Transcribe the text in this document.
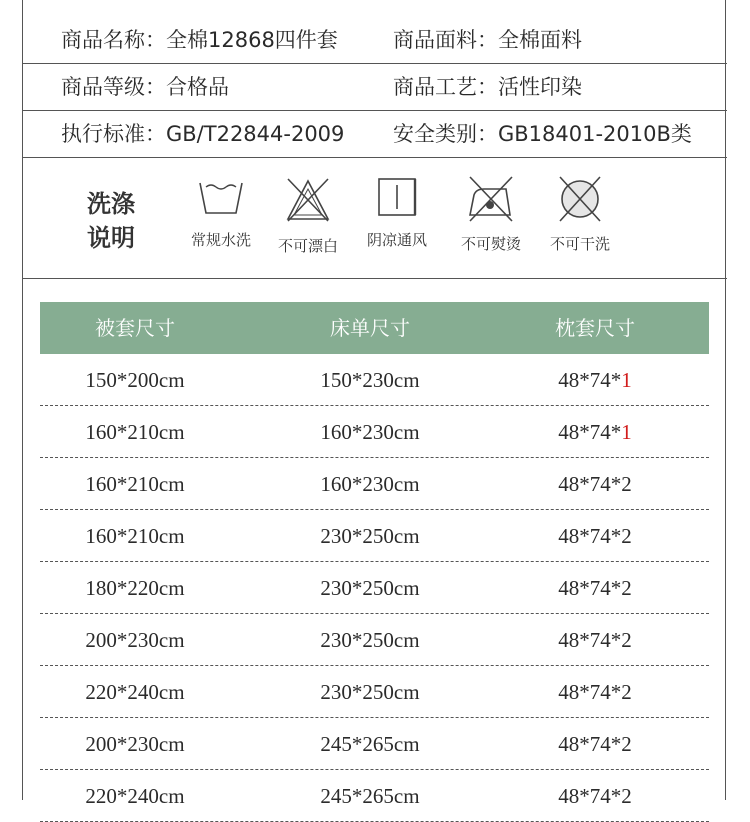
商品名称：全棉12868四件套	商品面料：全棉面料
商品等级：合格品	商品工艺：活性印染
执行标准：GB/T22844-2009 安全类别：GB18401-2010B类
洗涤
说明	常规水洗	不可漂白	阴凉通风	不可熨烫	不可干洗
被套尺寸	床单尺寸	枕套尺寸
150*200cm	150*230cm	48*74*1
160*210cm	160*230cm	48*74*1
160*210cm	160*230cm	48*74*2
160*210cm	230*250cm	48*74*2
180*220cm	230*250cm	48*74*2
200*230cm	230*250cm	48*74*2
220*240cm	230*250cm	48*74*2
200*230cm	245*265cm	48*74*2
220*240cm	245*265cm	48*74*2
